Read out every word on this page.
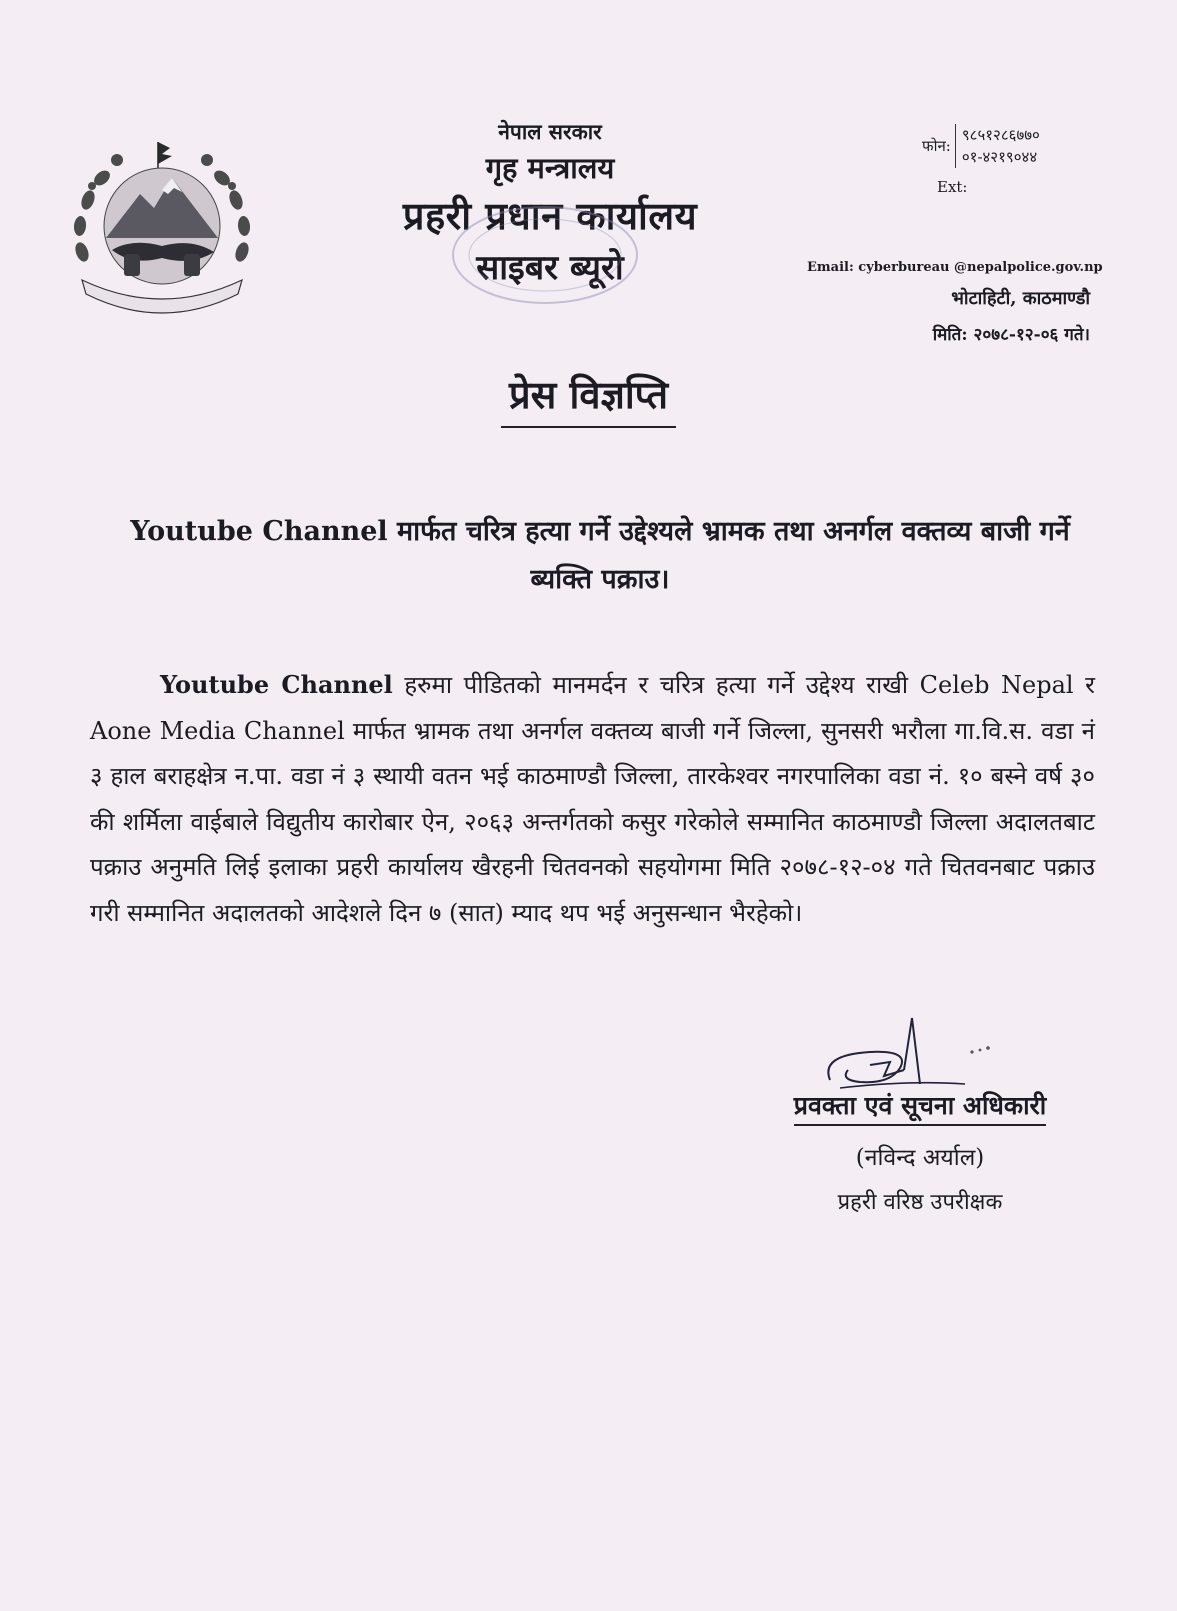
नेपाल सरकार
गृह मन्त्रालय
प्रहरी प्रधान कार्यालय
साइबर ब्यूरो
फोन:
९८५१२८६७७०
०१-४२१९०४४
Ext:
Email: cyberbureau @nepalpolice.gov.np
भोटाहिटी, काठमाण्डौ
मिति: २०७८-१२-०६ गते।
प्रेस विज्ञप्ति
Youtube Channel मार्फत चरित्र हत्या गर्ने उद्देश्यले भ्रामक तथा अनर्गल वक्तव्य बाजी गर्ने ब्यक्ति पक्राउ।
Youtube Channel हरुमा पीडितको मानमर्दन र चरित्र हत्या गर्ने उद्देश्य राखी Celeb Nepal र Aone Media Channel मार्फत भ्रामक तथा अनर्गल वक्तव्य बाजी गर्ने जिल्ला, सुनसरी भरौला गा.वि.स. वडा नं ३ हाल बराहक्षेत्र न.पा. वडा नं ३ स्थायी वतन भई काठमाण्डौ जिल्ला, तारकेश्वर नगरपालिका वडा नं. १० बस्ने वर्ष ३० की शर्मिला वाईबाले विद्युतीय कारोबार ऐन, २०६३ अन्तर्गतको कसुर गरेकोले सम्मानित काठमाण्डौ जिल्ला अदालतबाट पक्राउ अनुमति लिई इलाका प्रहरी कार्यालय खैरहनी चितवनको सहयोगमा मिति २०७८-१२-०४ गते चितवनबाट पक्राउ गरी सम्मानित अदालतको आदेशले दिन ७ (सात) म्याद थप भई अनुसन्धान भैरहेको।
प्रवक्ता एवं सूचना अधिकारी
(नविन्द अर्याल)
प्रहरी वरिष्ठ उपरीक्षक
